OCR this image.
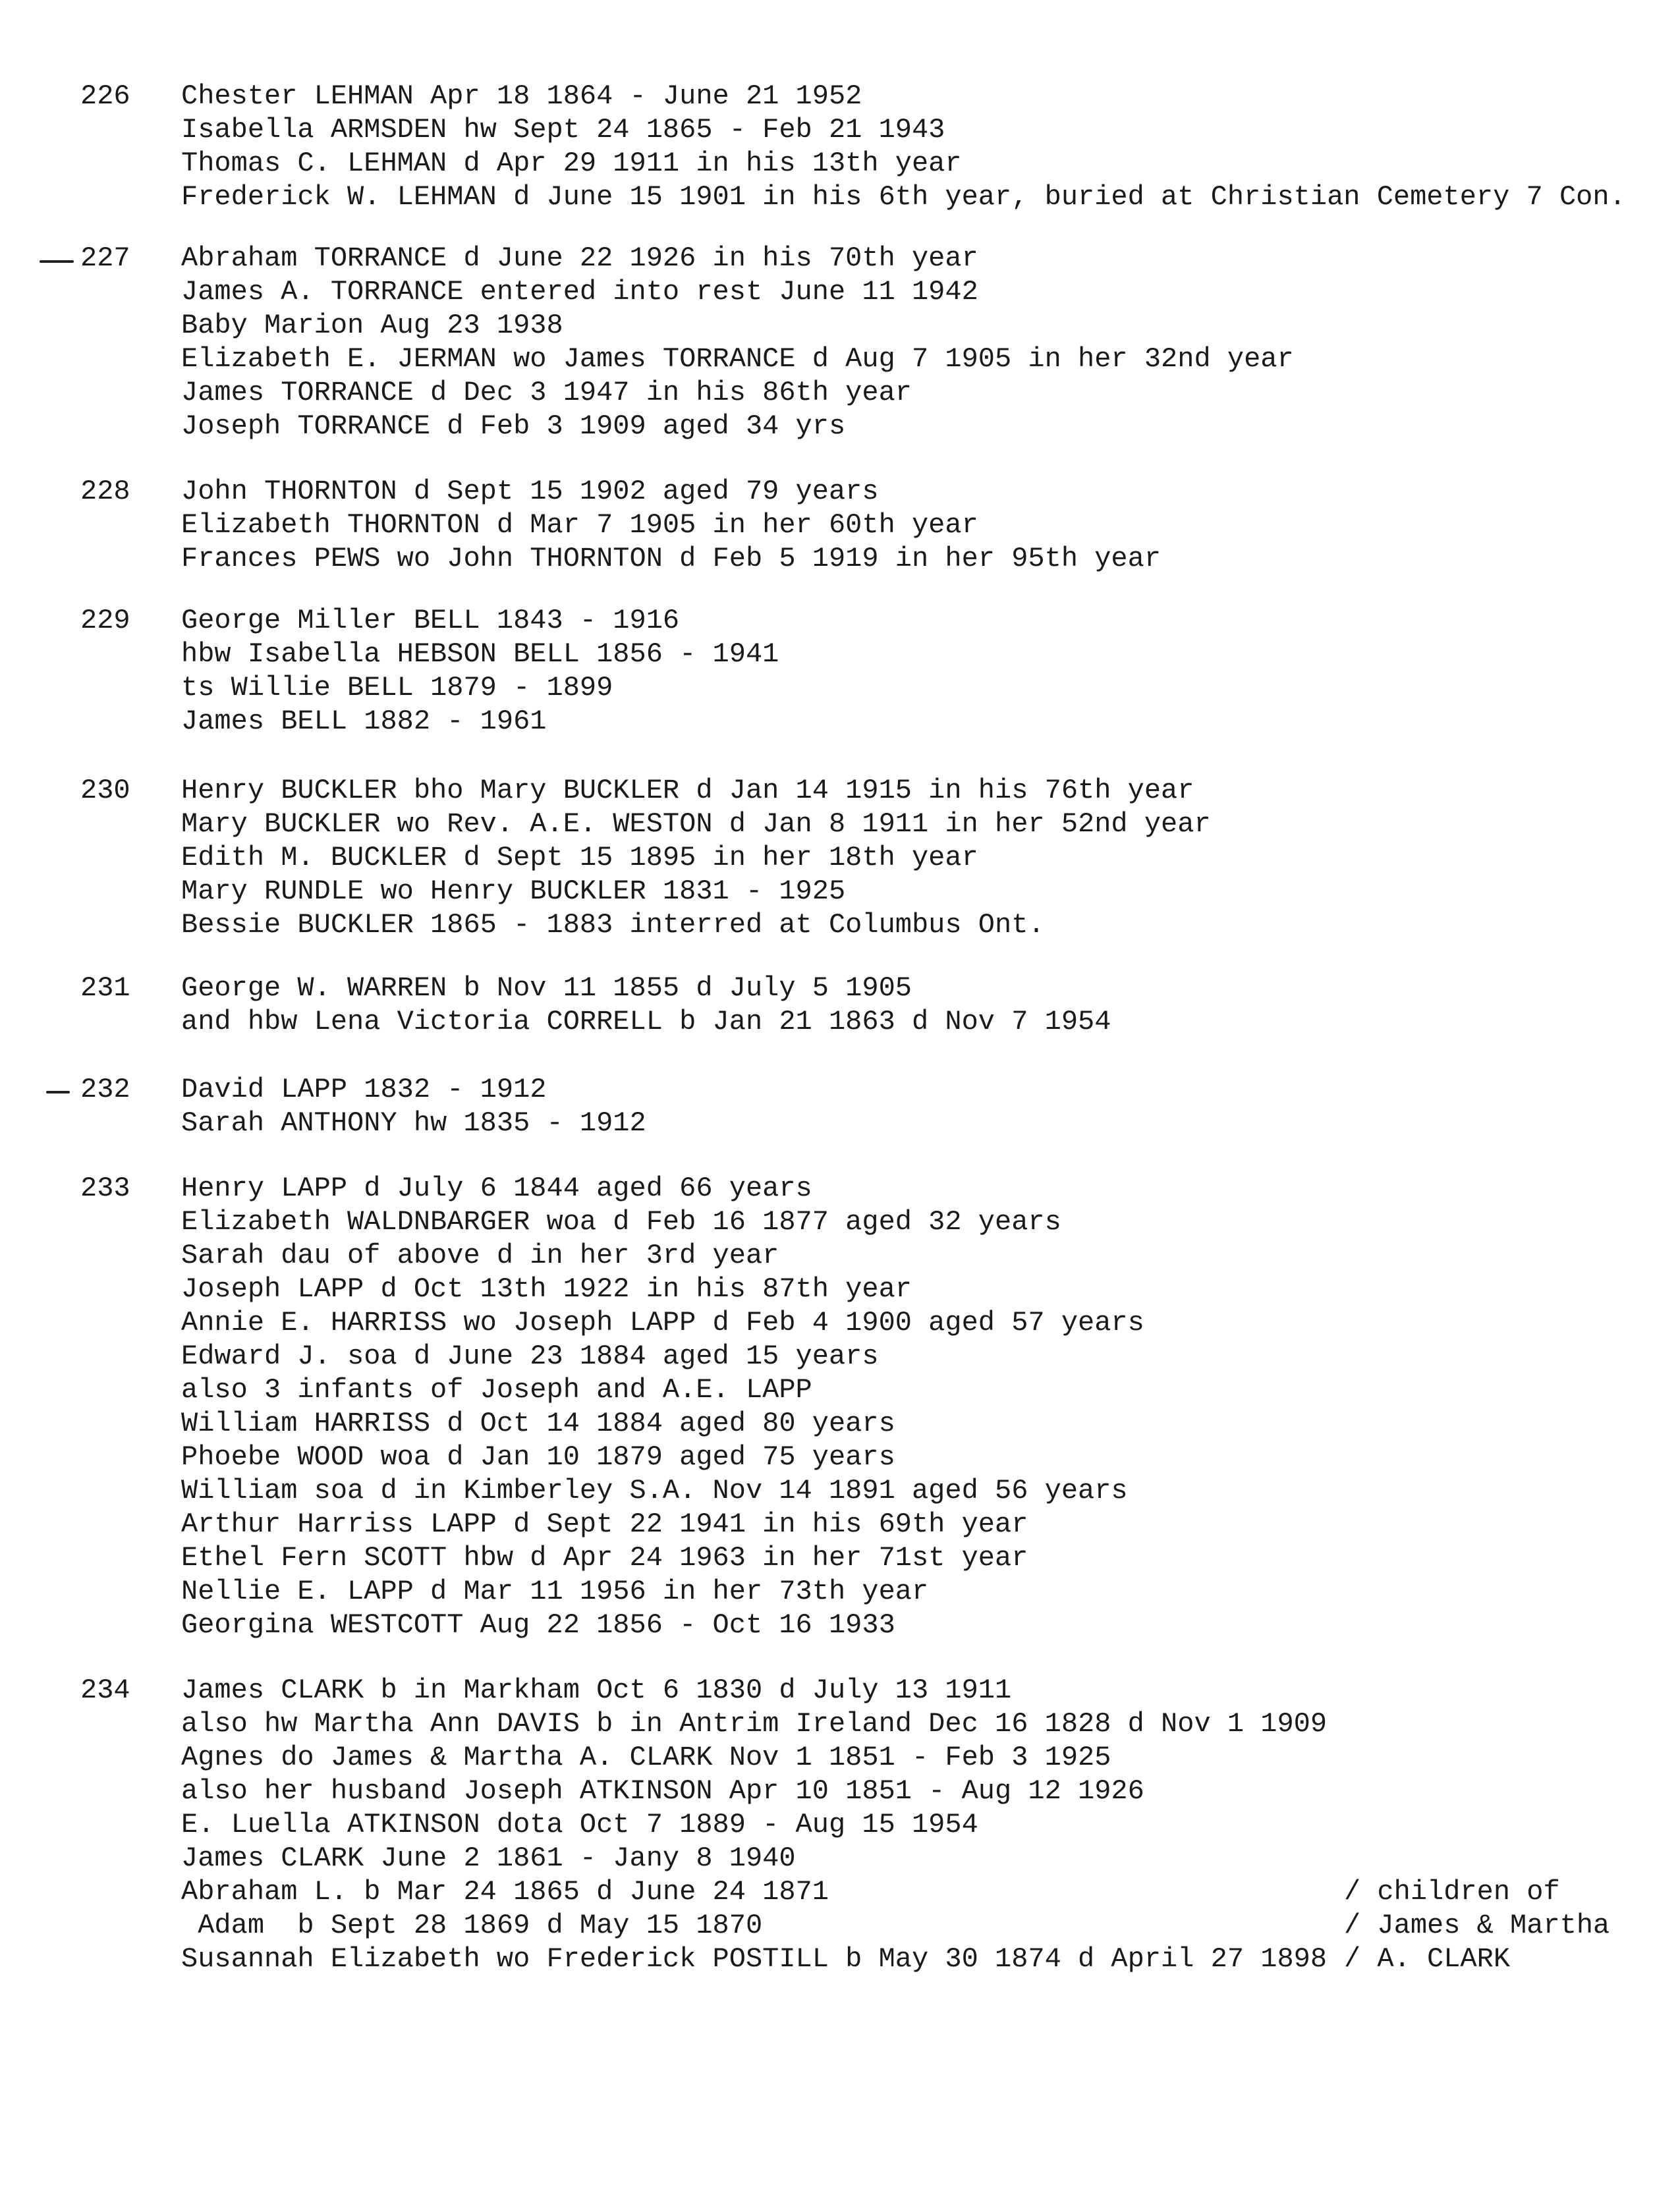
226 Chester LEHMAN Apr 18 1864 - June 21 1952
Isabella ARMSDEN hw Sept 24 1865 - Feb 21 1943
Thomas C. LEHMAN d Apr 29 1911 in his 13th year
Frederick W. LEHMAN d June 15 1901 in his 6th year, buried at Christian Cemetery 7 Con.
227 Abraham TORRANCE d June 22 1926 in his 70th year
James A. TORRANCE entered into rest June 11 1942
Baby Marion Aug 23 1938
Elizabeth E. JERMAN wo James TORRANCE d Aug 7 1905 in her 32nd year
James TORRANCE d Dec 3 1947 in his 86th year
Joseph TORRANCE d Feb 3 1909 aged 34 yrs
228 John THORNTON d Sept 15 1902 aged 79 years
Elizabeth THORNTON d Mar 7 1905 in her 60th year
Frances PEWS wo John THORNTON d Feb 5 1919 in her 95th year
229 George Miller BELL 1843 - 1916
hbw Isabella HEBSON BELL 1856 - 1941
ts Willie BELL 1879 - 1899
James BELL 1882 - 1961
230 Henry BUCKLER bho Mary BUCKLER d Jan 14 1915 in his 76th year
Mary BUCKLER wo Rev. A.E. WESTON d Jan 8 1911 in her 52nd year
Edith M. BUCKLER d Sept 15 1895 in her 18th year
Mary RUNDLE wo Henry BUCKLER 1831 - 1925
Bessie BUCKLER 1865 - 1883 interred at Columbus Ont.
231 George W. WARREN b Nov 11 1855 d July 5 1905
and hbw Lena Victoria CORRELL b Jan 21 1863 d Nov 7 1954
232 David LAPP 1832 - 1912
Sarah ANTHONY hw 1835 - 1912
233 Henry LAPP d July 6 1844 aged 66 years
Elizabeth WALDNBARGER woa d Feb 16 1877 aged 32 years
Sarah dau of above d in her 3rd year
Joseph LAPP d Oct 13th 1922 in his 87th year
Annie E. HARRISS wo Joseph LAPP d Feb 4 1900 aged 57 years
Edward J. soa d June 23 1884 aged 15 years
also 3 infants of Joseph and A.E. LAPP
William HARRISS d Oct 14 1884 aged 80 years
Phoebe WOOD woa d Jan 10 1879 aged 75 years
William soa d in Kimberley S.A. Nov 14 1891 aged 56 years
Arthur Harriss LAPP d Sept 22 1941 in his 69th year
Ethel Fern SCOTT hbw d Apr 24 1963 in her 71st year
Nellie E. LAPP d Mar 11 1956 in her 73th year
Georgina WESTCOTT Aug 22 1856 - Oct 16 1933
234 James CLARK b in Markham Oct 6 1830 d July 13 1911
also hw Martha Ann DAVIS b in Antrim Ireland Dec 16 1828 d Nov 1 1909
Agnes do James & Martha A. CLARK Nov 1 1851 - Feb 3 1925
also her husband Joseph ATKINSON Apr 10 1851 - Aug 12 1926
E. Luella ATKINSON dota Oct 7 1889 - Aug 15 1954
James CLARK June 2 1861 - Jany 8 1940
Abraham L. b Mar 24 1865 d June 24 1871
Adam  b Sept 28 1869 d May 15 1870
Susannah Elizabeth wo Frederick POSTILL b May 30 1874 d April 27 1898
/ children of
/ James & Martha
/ A. CLARK
